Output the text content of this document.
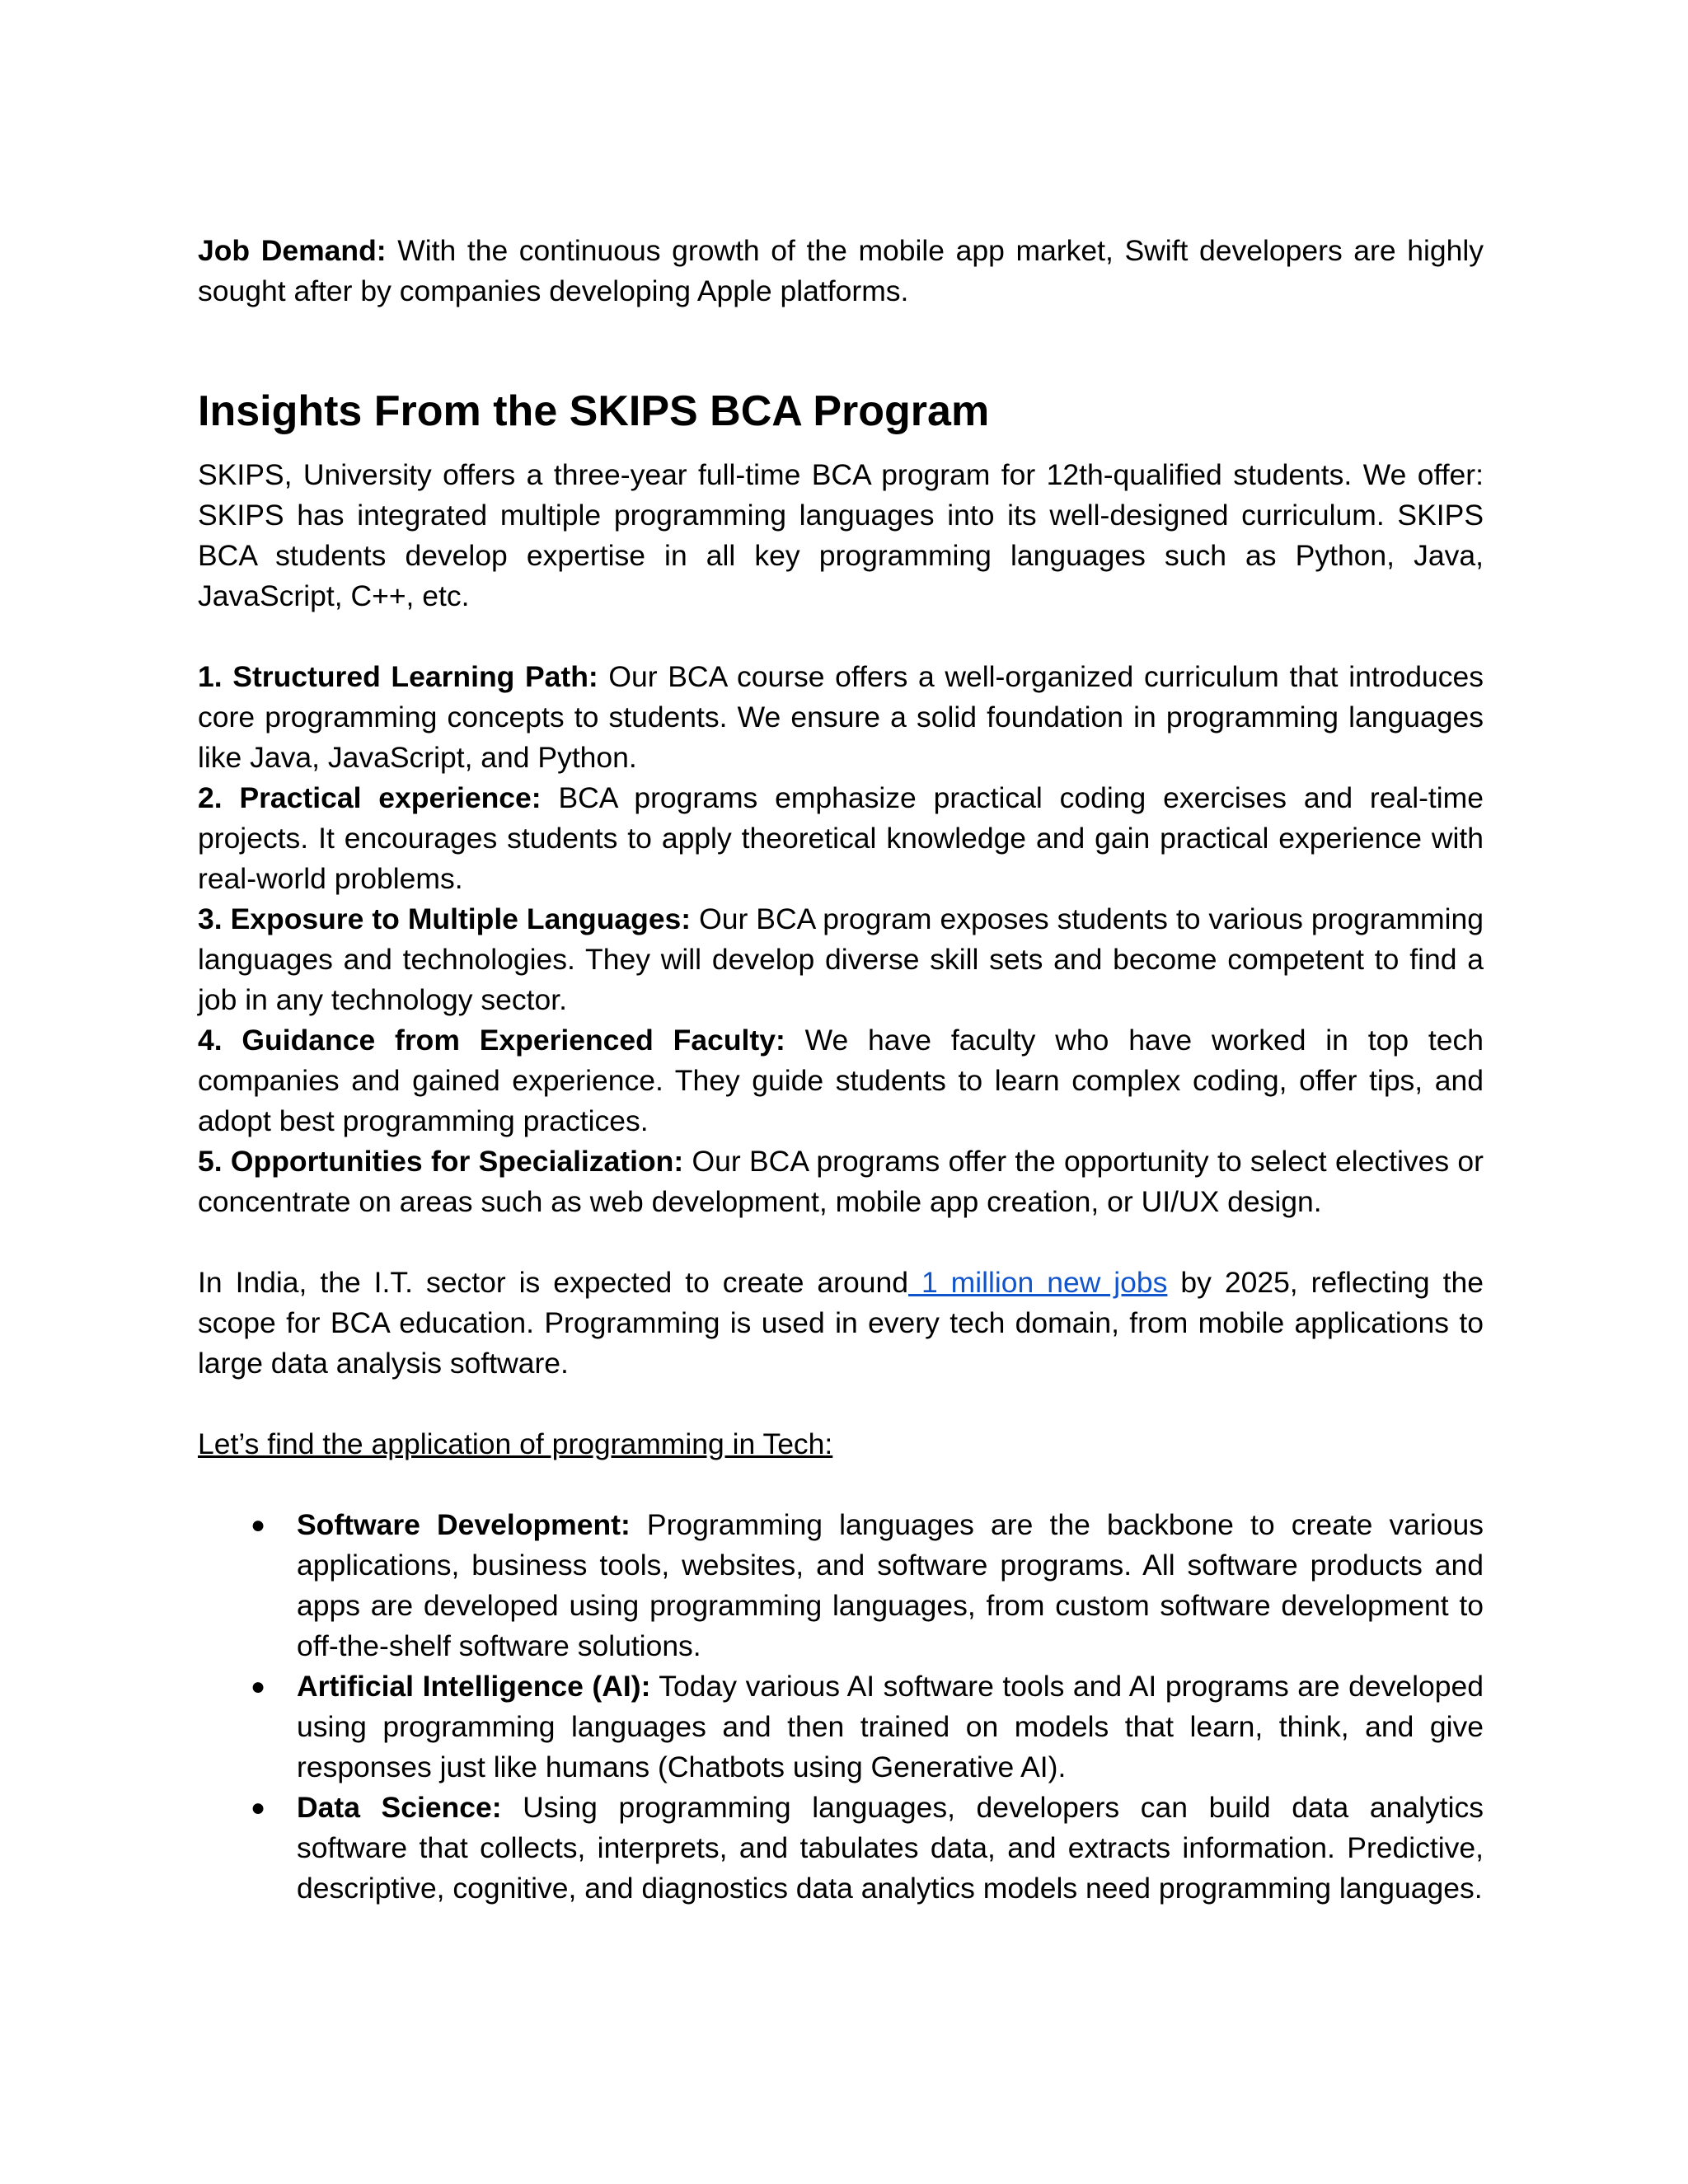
Job Demand: With the continuous growth of the mobile app market, Swift developers are highly sought after by companies developing Apple platforms.

Insights From the SKIPS BCA Program

SKIPS, University offers a three-year full-time BCA program for 12th-qualified students. We offer: SKIPS has integrated multiple programming languages into its well-designed curriculum. SKIPS BCA students develop expertise in all key programming languages such as Python, Java, JavaScript, C++, etc.

1. Structured Learning Path: Our BCA course offers a well-organized curriculum that introduces core programming concepts to students. We ensure a solid foundation in programming languages like Java, JavaScript, and Python.

2. Practical experience: BCA programs emphasize practical coding exercises and real-time projects. It encourages students to apply theoretical knowledge and gain practical experience with real-world problems.

3. Exposure to Multiple Languages: Our BCA program exposes students to various programming languages and technologies. They will develop diverse skill sets and become competent to find a job in any technology sector.

4. Guidance from Experienced Faculty: We have faculty who have worked in top tech companies and gained experience. They guide students to learn complex coding, offer tips, and adopt best programming practices.

5. Opportunities for Specialization: Our BCA programs offer the opportunity to select electives or concentrate on areas such as web development, mobile app creation, or UI/UX design.

In India, the I.T. sector is expected to create around 1 million new jobs by 2025, reflecting the scope for BCA education. Programming is used in every tech domain, from mobile applications to large data analysis software.

Let’s find the application of programming in Tech:

● Software Development: Programming languages are the backbone to create various applications, business tools, websites, and software programs. All software products and apps are developed using programming languages, from custom software development to off-the-shelf software solutions.
● Artificial Intelligence (AI): Today various AI software tools and AI programs are developed using programming languages and then trained on models that learn, think, and give responses just like humans (Chatbots using Generative AI).
● Data Science: Using programming languages, developers can build data analytics software that collects, interprets, and tabulates data, and extracts information. Predictive, descriptive, cognitive, and diagnostics data analytics models need programming languages.
